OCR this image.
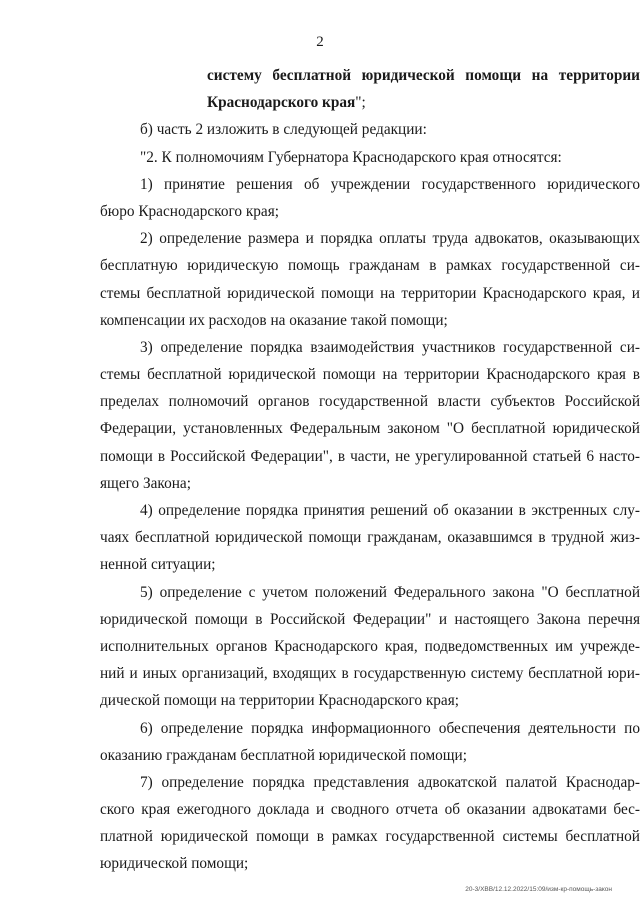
2
систему бесплатной юридической помощи на территории
Краснодарского края";
б) часть 2 изложить в следующей редакции:
"2. К полномочиям Губернатора Краснодарского края относятся:
1) принятие решения об учреждении государственного юридического
бюро Краснодарского края;
2) определение размера и порядка оплаты труда адвокатов, оказывающих
бесплатную юридическую помощь гражданам в рамках государственной си-
стемы бесплатной юридической помощи на территории Краснодарского края, и
компенсации их расходов на оказание такой помощи;
3) определение порядка взаимодействия участников государственной си-
стемы бесплатной юридической помощи на территории Краснодарского края в
пределах полномочий органов государственной власти субъектов Российской
Федерации, установленных Федеральным законом "О бесплатной юридической
помощи в Российской Федерации", в части, не урегулированной статьей 6 насто-
ящего Закона;
4) определение порядка принятия решений об оказании в экстренных слу-
чаях бесплатной юридической помощи гражданам, оказавшимся в трудной жиз-
ненной ситуации;
5) определение с учетом положений Федерального закона "О бесплатной
юридической помощи в Российской Федерации" и настоящего Закона перечня
исполнительных органов Краснодарского края, подведомственных им учрежде-
ний и иных организаций, входящих в государственную систему бесплатной юри-
дической помощи на территории Краснодарского края;
6) определение порядка информационного обеспечения деятельности по
оказанию гражданам бесплатной юридической помощи;
7) определение порядка представления адвокатской палатой Краснодар-
ского края ежегодного доклада и сводного отчета об оказании адвокатами бес-
платной юридической помощи в рамках государственной системы бесплатной
юридической помощи;
20-3/ХВВ/12.12.2022/15:09/изм-кр-помощь-закон
